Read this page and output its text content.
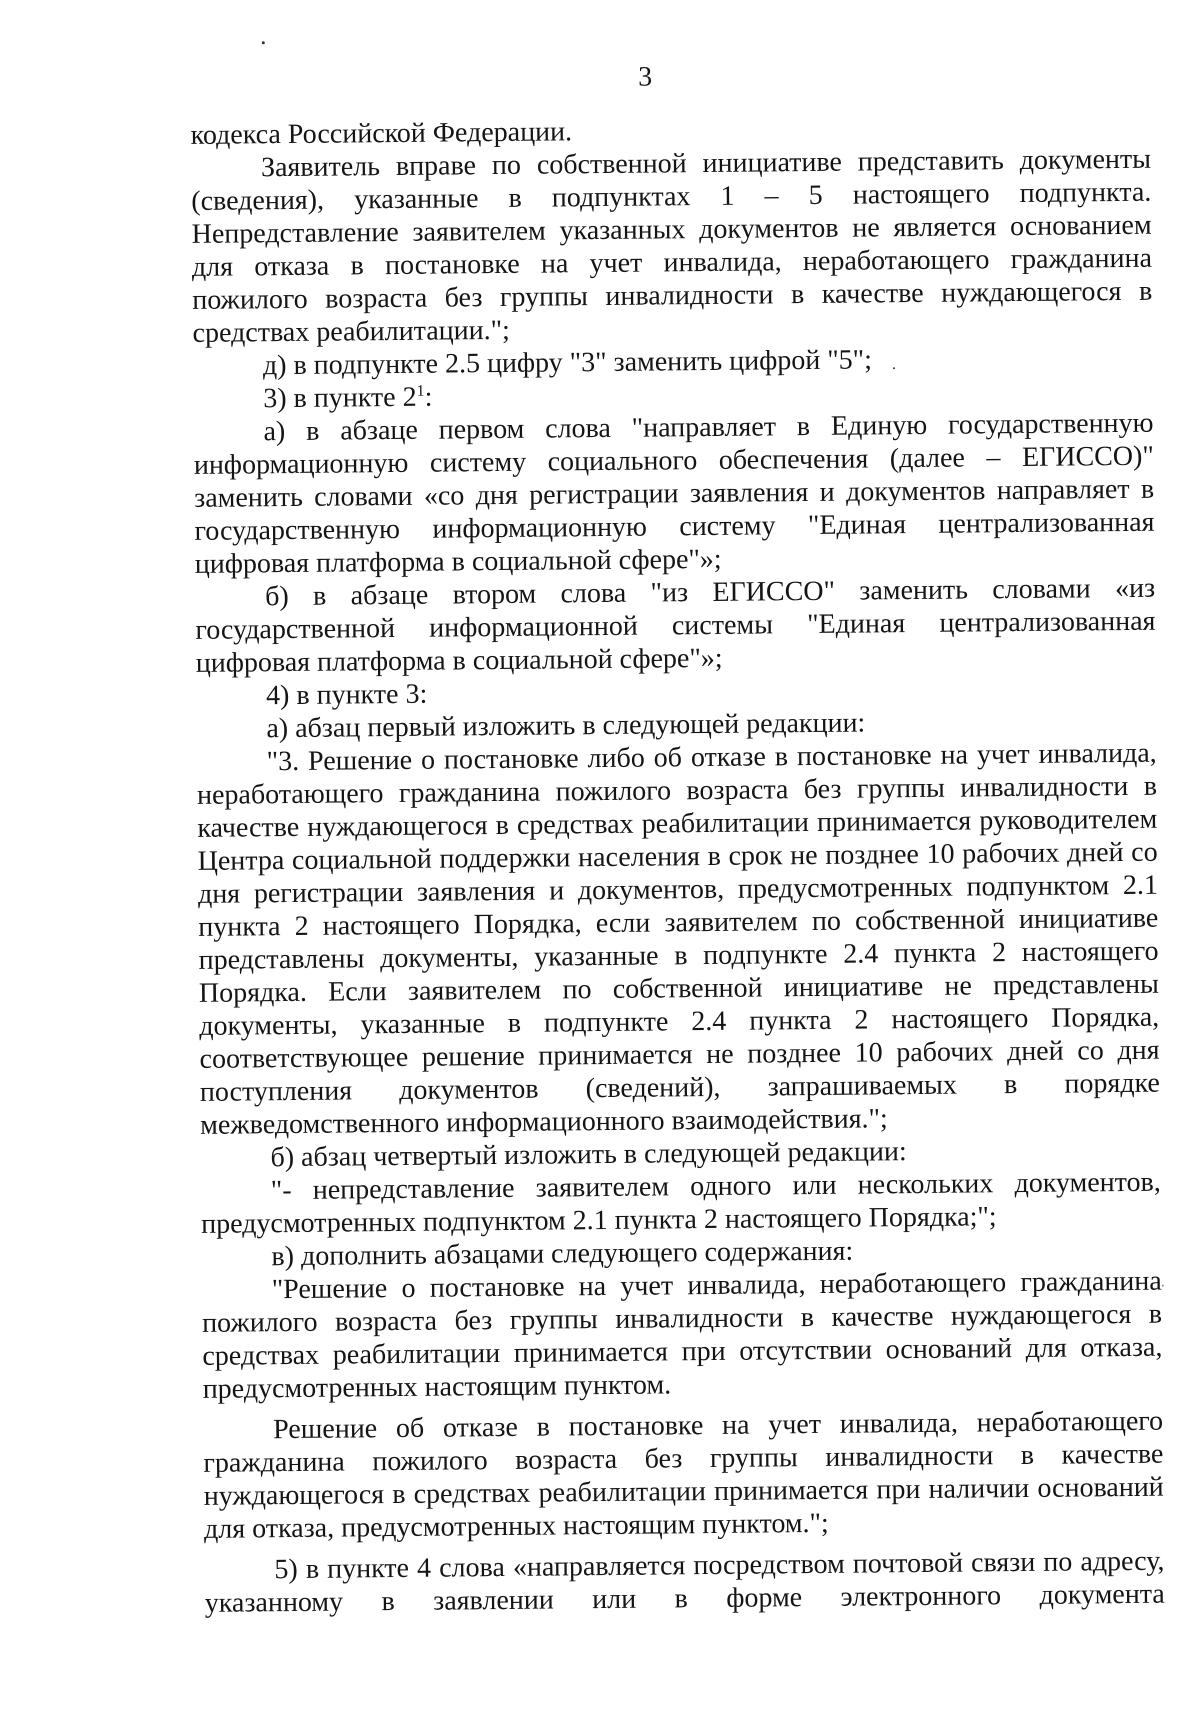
3

кодекса Российской Федерации.

Заявитель вправе по собственной инициативе представить документы (сведения), указанные в подпунктах 1 – 5 настоящего подпункта. Непредставление заявителем указанных документов не является основанием для отказа в постановке на учет инвалида, неработающего гражданина пожилого возраста без группы инвалидности в качестве нуждающегося в средствах реабилитации.";

д) в подпункте 2.5 цифру "3" заменить цифрой "5";

3) в пункте $2^1$:

а) в абзаце первом слова "направляет в Единую государственную информационную систему социального обеспечения (далее – ЕГИССО)" заменить словами «со дня регистрации заявления и документов направляет в государственную информационную систему "Единая централизованная цифровая платформа в социальной сфере"»;

б) в абзаце втором слова "из ЕГИССО" заменить словами «из государственной информационной системы "Единая централизованная цифровая платформа в социальной сфере"»;

4) в пункте 3:

а) абзац первый изложить в следующей редакции:

"3. Решение о постановке либо об отказе в постановке на учет инвалида, неработающего гражданина пожилого возраста без группы инвалидности в качестве нуждающегося в средствах реабилитации принимается руководителем Центра социальной поддержки населения в срок не позднее 10 рабочих дней со дня регистрации заявления и документов, предусмотренных подпунктом 2.1 пункта 2 настоящего Порядка, если заявителем по собственной инициативе представлены документы, указанные в подпункте 2.4 пункта 2 настоящего Порядка. Если заявителем по собственной инициативе не представлены документы, указанные в подпункте 2.4 пункта 2 настоящего Порядка, соответствующее решение принимается не позднее 10 рабочих дней со дня поступления документов (сведений), запрашиваемых в порядке межведомственного информационного взаимодействия.";

б) абзац четвертый изложить в следующей редакции:

"- непредставление заявителем одного или нескольких документов, предусмотренных подпунктом 2.1 пункта 2 настоящего Порядка;";

в) дополнить абзацами следующего содержания:

"Решение о постановке на учет инвалида, неработающего гражданина пожилого возраста без группы инвалидности в качестве нуждающегося в средствах реабилитации принимается при отсутствии оснований для отказа, предусмотренных настоящим пунктом.

Решение об отказе в постановке на учет инвалида, неработающего гражданина пожилого возраста без группы инвалидности в качестве нуждающегося в средствах реабилитации принимается при наличии оснований для отказа, предусмотренных настоящим пунктом.";

5) в пункте 4 слова «направляется посредством почтовой связи по адресу, указанному в заявлении или в форме электронного документа
